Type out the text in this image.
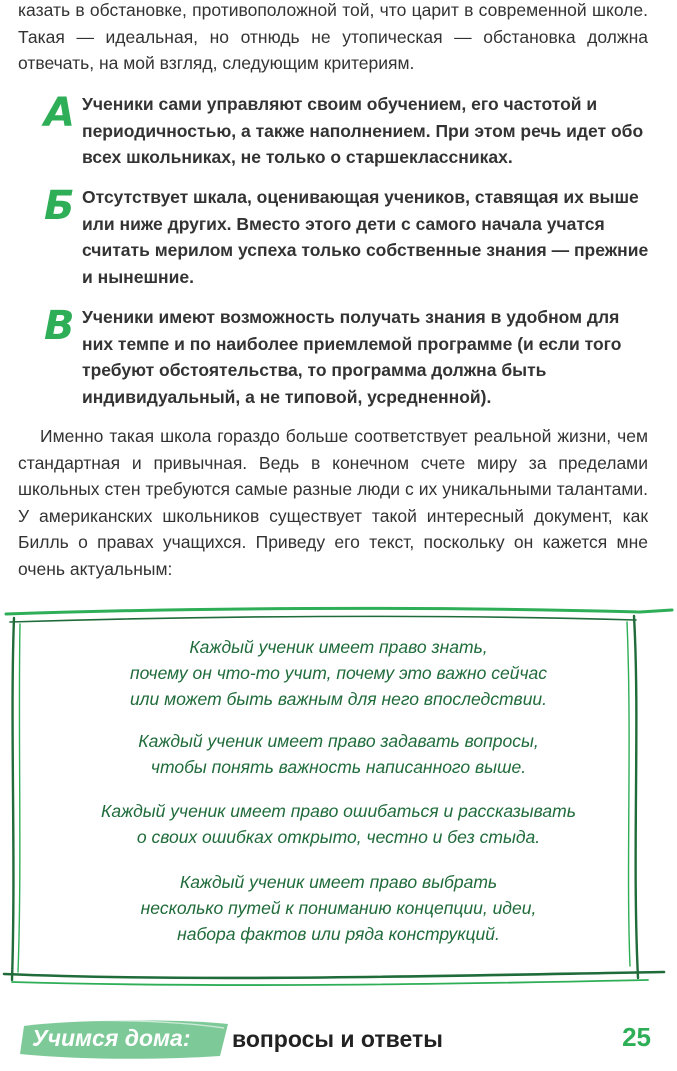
казать в обстановке, противоположной той, что царит в современной школе. Такая — идеальная, но отнюдь не утопическая — обстановка должна отвечать, на мой взгляд, следующим критериям.

А Ученики сами управляют своим обучением, его частотой и периодичностью, а также наполнением. При этом речь идет обо всех школьниках, не только о старшеклассниках.

Б Отсутствует шкала, оценивающая учеников, ставящая их выше или ниже других. Вместо этого дети с самого начала учатся считать мерилом успеха только собственные знания — прежние и нынешние.

В Ученики имеют возможность получать знания в удобном для них темпе и по наиболее приемлемой программе (и если того требуют обстоятельства, то программа должна быть индивидуальный, а не типовой, усредненной).

Именно такая школа гораздо больше соответствует реальной жизни, чем стандартная и привычная. Ведь в конечном счете миру за пределами школьных стен требуются самые разные люди с их уникальными талантами. У американских школьников существует такой интересный документ, как Билль о правах учащихся. Приведу его текст, поскольку он кажется мне очень актуальным:

Каждый ученик имеет право знать,
почему он что-то учит, почему это важно сейчас
или может быть важным для него впоследствии.
Каждый ученик имеет право задавать вопросы,
чтобы понять важность написанного выше.
Каждый ученик имеет право ошибаться и рассказывать
о своих ошибках открыто, честно и без стыда.
Каждый ученик имеет право выбрать
несколько путей к пониманию концепции, идеи,
набора фактов или ряда конструкций.
Учимся дома: вопросы и ответы	25
